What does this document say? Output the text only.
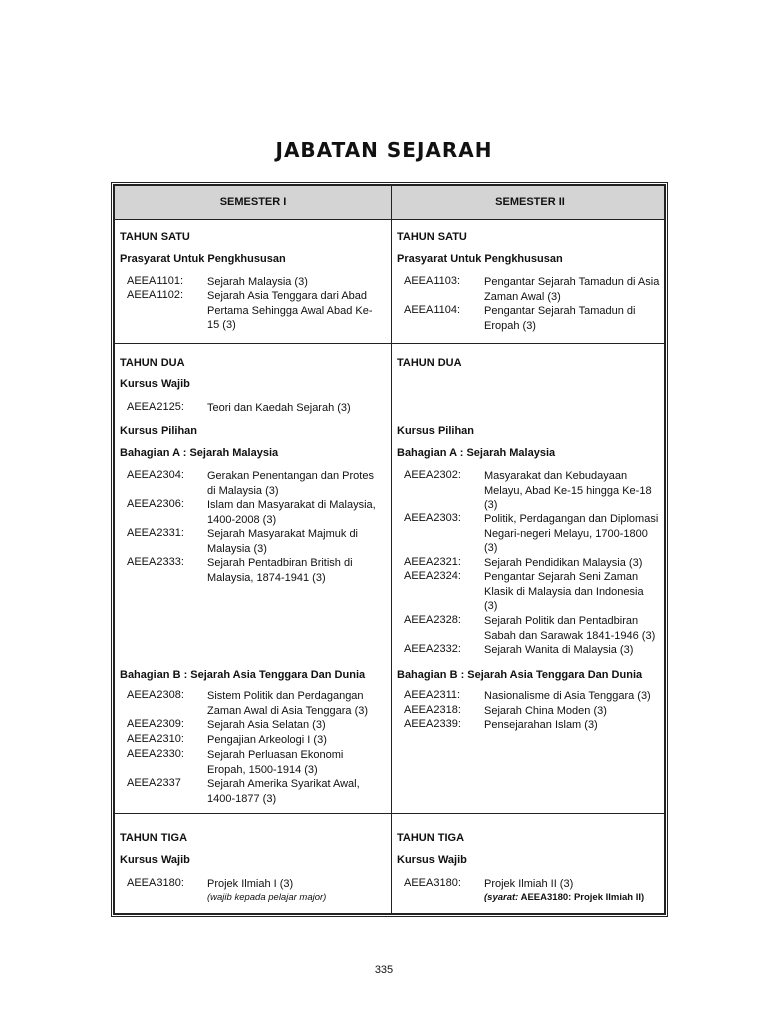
JABATAN SEJARAH
SEMESTER I	SEMESTER II
TAHUN SATU
Prasyarat Untuk Pengkhususan
AEEA1101: Sejarah Malaysia (3)
AEEA1102: Sejarah Asia Tenggara dari Abad Pertama Sehingga Awal Abad Ke-15 (3)
TAHUN DUA
Kursus Wajib
AEEA2125: Teori dan Kaedah Sejarah (3)
Kursus Pilihan
Bahagian A : Sejarah Malaysia
AEEA2304: Gerakan Penentangan dan Protes di Malaysia (3)
AEEA2306: Islam dan Masyarakat di Malaysia, 1400-2008 (3)
AEEA2331: Sejarah Masyarakat Majmuk di Malaysia (3)
AEEA2333: Sejarah Pentadbiran British di Malaysia, 1874-1941 (3)
Bahagian B : Sejarah Asia Tenggara Dan Dunia
AEEA2308: Sistem Politik dan Perdagangan Zaman Awal di Asia Tenggara (3)
AEEA2309: Sejarah Asia Selatan (3)
AEEA2310: Pengajian Arkeologi I (3)
AEEA2330: Sejarah Perluasan Ekonomi Eropah, 1500-1914 (3)
AEEA2337 Sejarah Amerika Syarikat Awal, 1400-1877 (3)
TAHUN TIGA
Kursus Wajib
AEEA3180: Projek Ilmiah I (3)
(wajib kepada pelajar major)
TAHUN SATU
Prasyarat Untuk Pengkhususan
AEEA1103: Pengantar Sejarah Tamadun di Asia Zaman Awal (3)
AEEA1104: Pengantar Sejarah Tamadun di Eropah (3)
TAHUN DUA
Kursus Pilihan
Bahagian A : Sejarah Malaysia
AEEA2302: Masyarakat dan Kebudayaan Melayu, Abad Ke-15 hingga Ke-18 (3)
AEEA2303: Politik, Perdagangan dan Diplomasi Negari-negeri Melayu, 1700-1800 (3)
AEEA2321: Sejarah Pendidikan Malaysia (3)
AEEA2324: Pengantar Sejarah Seni Zaman Klasik di Malaysia dan Indonesia (3)
AEEA2328: Sejarah Politik dan Pentadbiran Sabah dan Sarawak 1841-1946 (3)
AEEA2332: Sejarah Wanita di Malaysia (3)
Bahagian B : Sejarah Asia Tenggara Dan Dunia
AEEA2311: Nasionalisme di Asia Tenggara (3)
AEEA2318: Sejarah China Moden (3)
AEEA2339: Pensejarahan Islam (3)
TAHUN TIGA
Kursus Wajib
AEEA3180: Projek Ilmiah II (3)
(syarat: AEEA3180: Projek Ilmiah II)
335
